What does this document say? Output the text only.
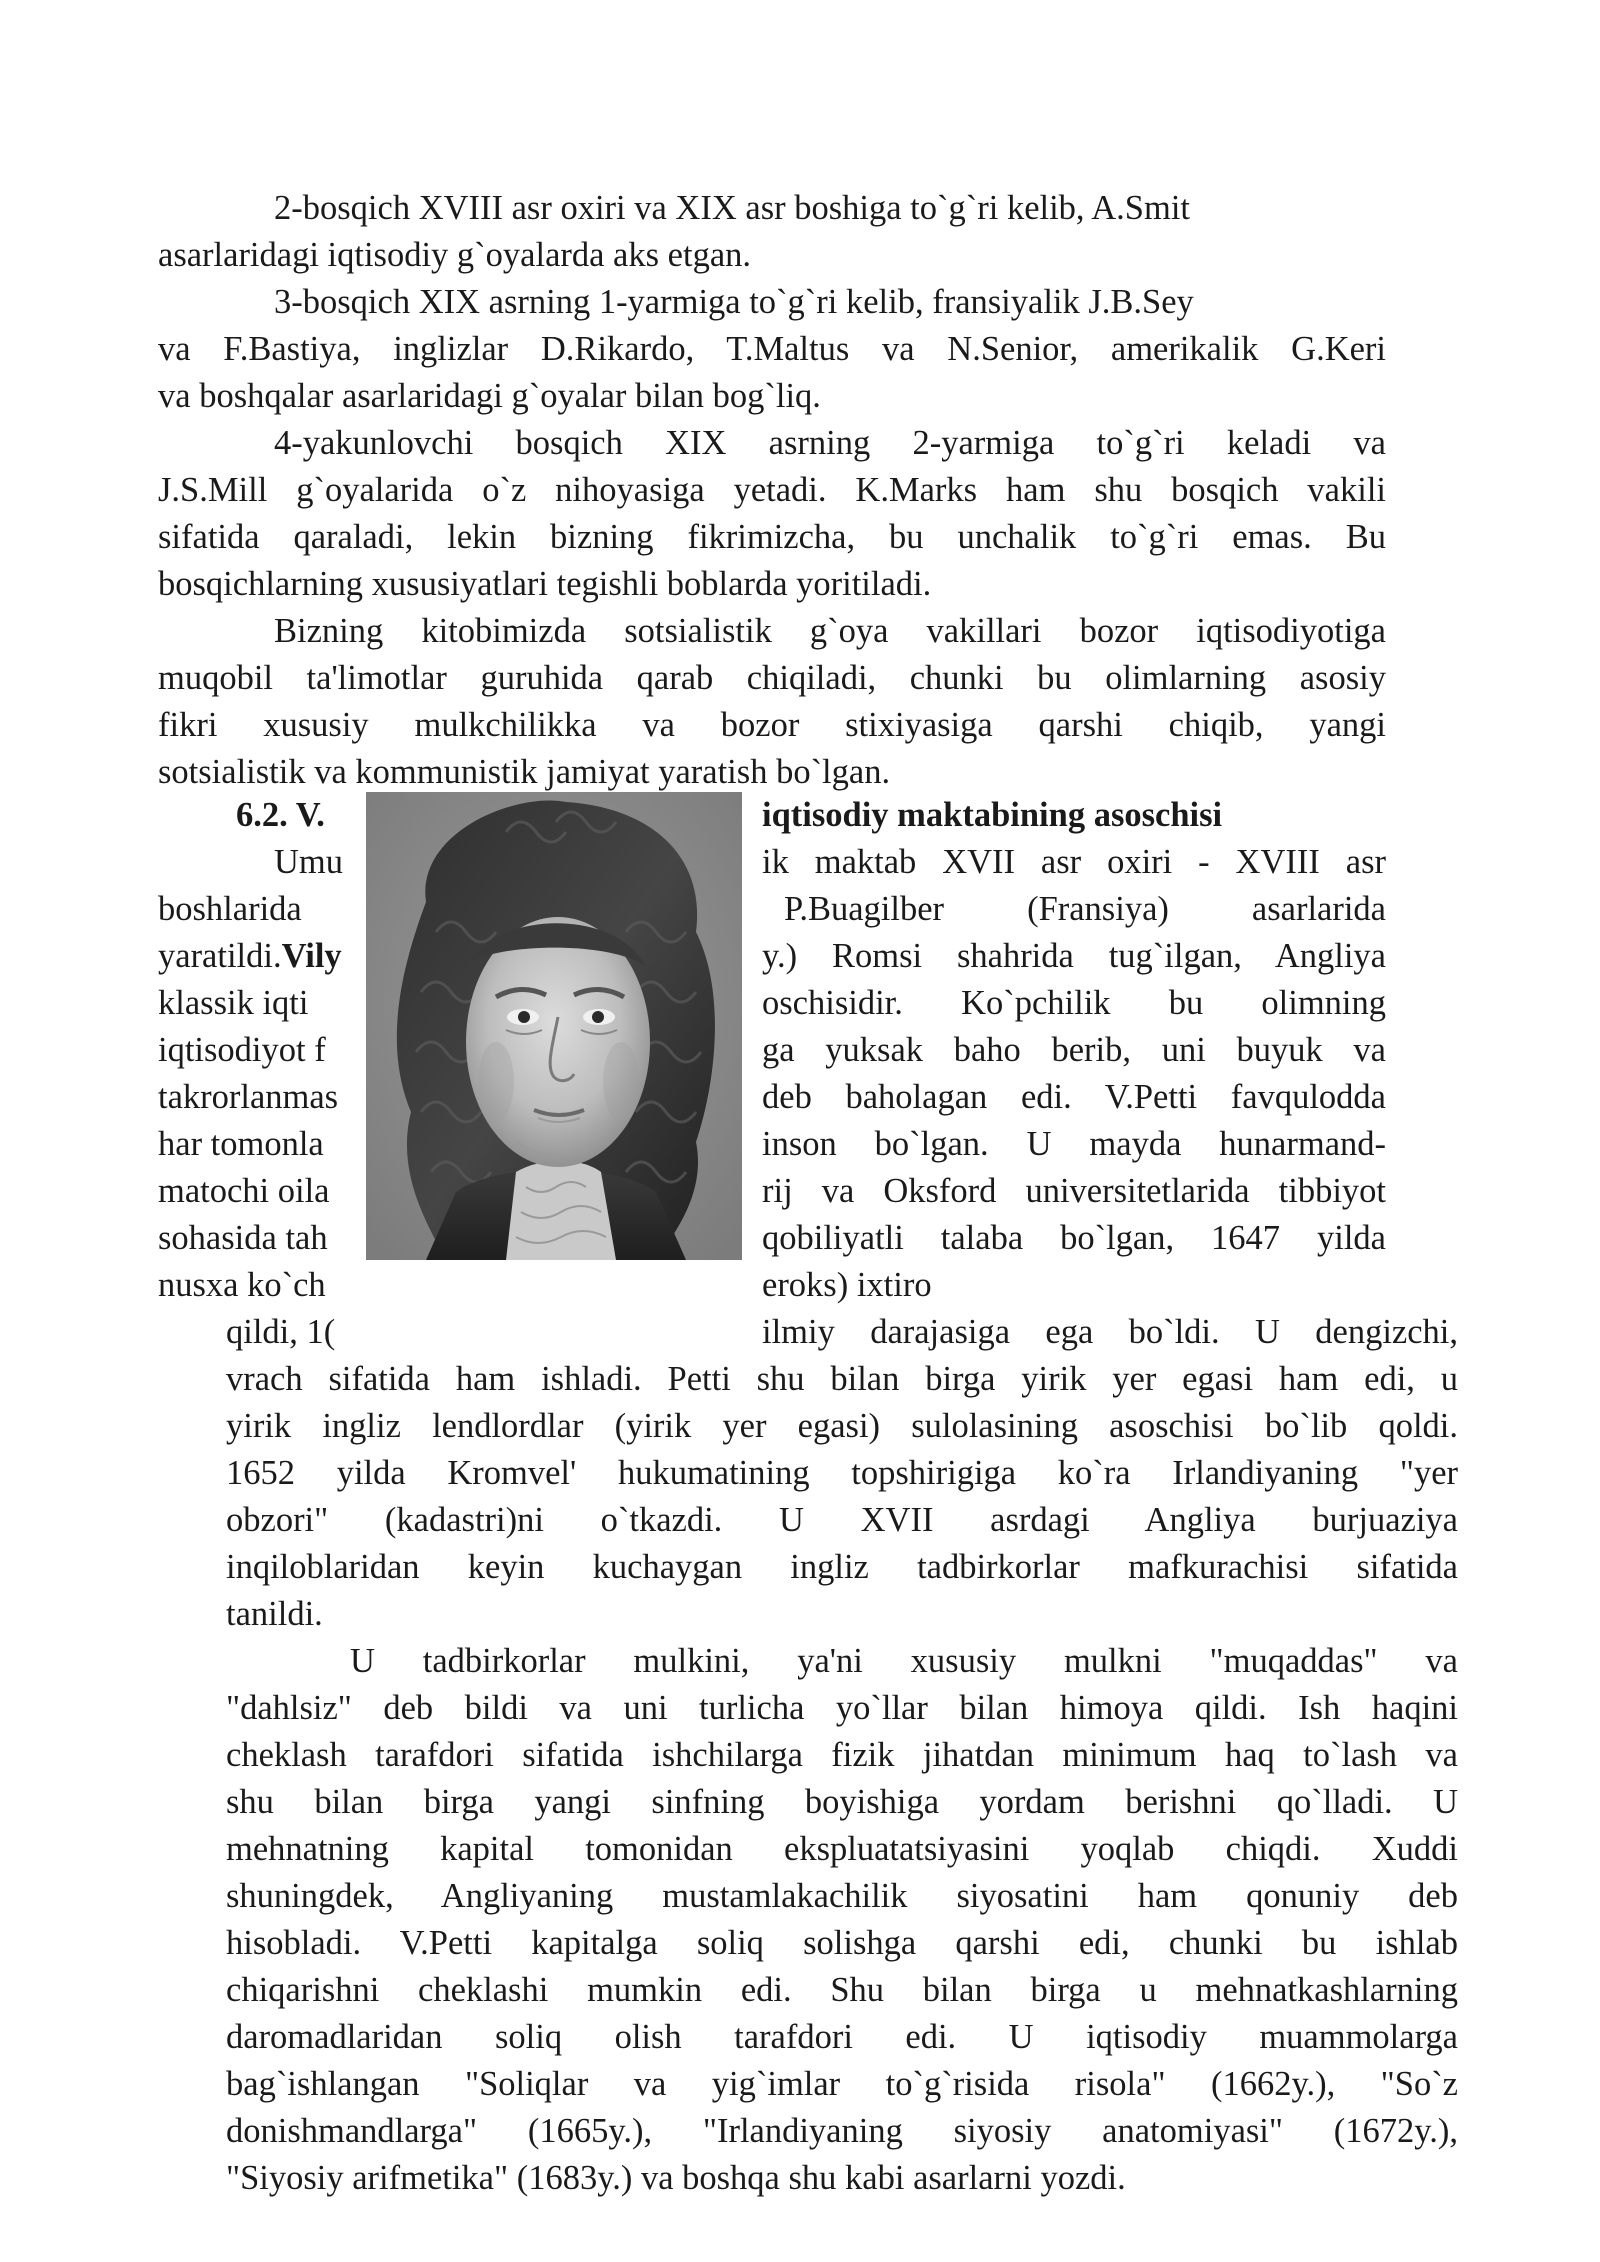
2-bosqich XVIII asr oxiri va XIX asr boshiga to`g`ri kelib, A.Smit

asarlaridagi iqtisodiy g`oyalarda aks etgan.

3-bosqich XIX asrning 1-yarmiga to`g`ri kelib, fransiyalik J.B.Sey

va F.Bastiya, inglizlar D.Rikardo, T.Maltus va N.Senior, amerikalik G.Keri

va boshqalar asarlaridagi g`oyalar bilan bog`liq.

4-yakunlovchi bosqich XIX asrning 2-yarmiga to`g`ri keladi va

J.S.Mill g`oyalarida o`z nihoyasiga yetadi. K.Marks ham shu bosqich vakili

sifatida qaraladi, lekin bizning fikrimizcha, bu unchalik to`g`ri emas. Bu

bosqichlarning xususiyatlari tegishli boblarda yoritiladi.

Bizning kitobimizda sotsialistik g`oya vakillari bozor iqtisodiyotiga

muqobil ta'limotlar guruhida qarab chiqiladi, chunki bu olimlarning asosiy

fikri xususiy mulkchilikka va bozor stixiyasiga qarshi chiqib, yangi

sotsialistik va kommunistik jamiyat yaratish bo`lgan.

6.2. V.	iqtisodiy maktabining asoschisi
Umu
boshlarida
yaratildi.Vily
klassik iqti
iqtisodiyot f
takrorlanmas
har tomonla
matochi oila
sohasida tah
nusxa ko`ch
qildi, 1(

ik maktab XVII asr oxiri - XVIII asr

P.Buagilber (Fransiya) asarlarida

y.) Romsi shahrida tug`ilgan, Angliya

oschisidir. Ko`pchilik bu olimning

ga yuksak baho berib, uni buyuk va

deb baholagan edi. V.Petti favqulodda

inson bo`lgan. U mayda hunarmand-

rij va Oksford universitetlarida tibbiyot

qobiliyatli talaba bo`lgan, 1647 yilda

eroks) ixtiro

ilmiy darajasiga ega bo`ldi. U dengizchi,

vrach sifatida ham ishladi. Petti shu bilan birga yirik yer egasi ham edi, u

yirik ingliz lendlordlar (yirik yer egasi) sulolasining asoschisi bo`lib qoldi.

1652 yilda Kromvel' hukumatining topshirigiga ko`ra Irlandiyaning "yer

obzori" (kadastri)ni o`tkazdi. U XVII asrdagi Angliya burjuaziya

inqiloblaridan keyin kuchaygan ingliz tadbirkorlar mafkurachisi sifatida

tanildi.

U tadbirkorlar mulkini, ya'ni xususiy mulkni "muqaddas" va

"dahlsiz" deb bildi va uni turlicha yo`llar bilan himoya qildi. Ish haqini

cheklash tarafdori sifatida ishchilarga fizik jihatdan minimum haq to`lash va

shu bilan birga yangi sinfning boyishiga yordam berishni qo`lladi. U

mehnatning kapital tomonidan ekspluatatsiyasini yoqlab chiqdi. Xuddi

shuningdek, Angliyaning mustamlakachilik siyosatini ham qonuniy deb

hisobladi. V.Petti kapitalga soliq solishga qarshi edi, chunki bu ishlab

chiqarishni cheklashi mumkin edi. Shu bilan birga u mehnatkashlarning

daromadlaridan soliq olish tarafdori edi. U iqtisodiy muammolarga

bag`ishlangan "Soliqlar va yig`imlar to`g`risida risola" (1662y.), "So`z

donishmandlarga" (1665y.), "Irlandiyaning siyosiy anatomiyasi" (1672y.),

"Siyosiy arifmetika" (1683y.) va boshqa shu kabi asarlarni yozdi.
